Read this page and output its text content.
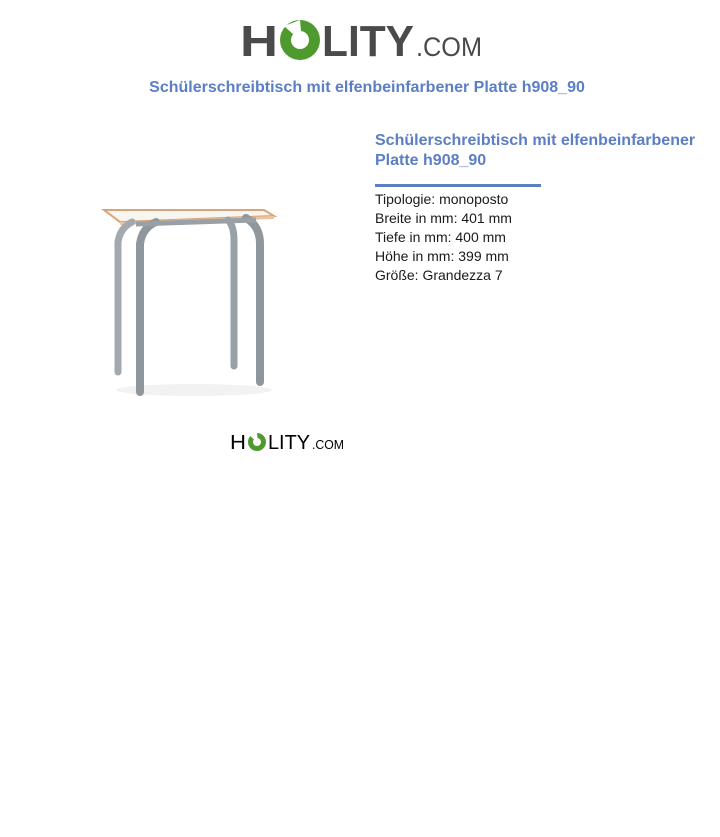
H LITY .COM
Schülerschreibtisch mit elfenbeinfarbener Platte h908_90
H LITY .COM
Schülerschreibtisch mit elfenbeinfarbener Platte h908_90
Tipologie: monoposto
Breite in mm: 401 mm
Tiefe in mm: 400 mm
Höhe in mm: 399 mm
Größe: Grandezza 7
